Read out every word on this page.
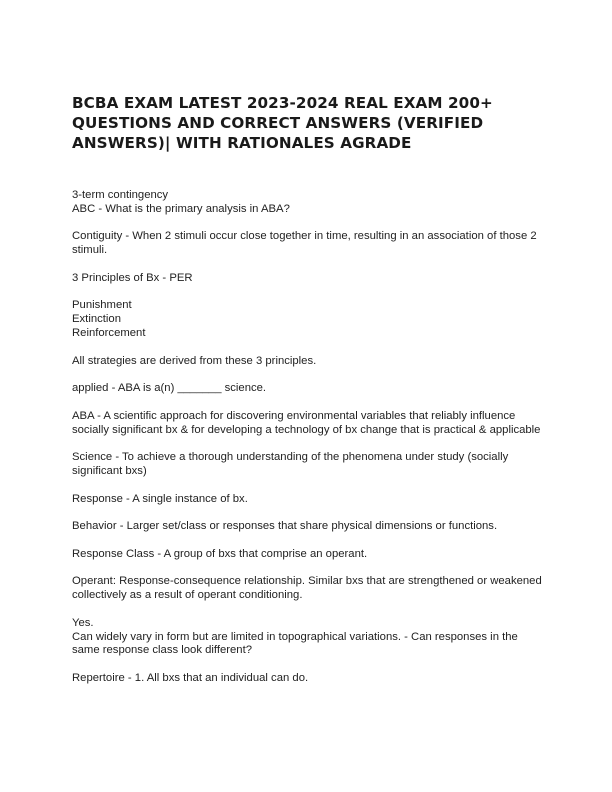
BCBA EXAM LATEST 2023-2024 REAL EXAM 200+ QUESTIONS AND CORRECT ANSWERS (VERIFIED ANSWERS)| WITH RATIONALES AGRADE

3-term contingency

ABC - What is the primary analysis in ABA?

Contiguity - When 2 stimuli occur close together in time, resulting in an association of those 2 stimuli.

3 Principles of Bx - PER

Punishment

Extinction

Reinforcement

All strategies are derived from these 3 principles.

applied - ABA is a(n) _______ science.

ABA - A scientific approach for discovering environmental variables that reliably influence socially significant bx & for developing a technology of bx change that is practical & applicable

Science - To achieve a thorough understanding of the phenomena under study (socially significant bxs)

Response - A single instance of bx.

Behavior - Larger set/class or responses that share physical dimensions or functions.

Response Class - A group of bxs that comprise an operant.

Operant: Response-consequence relationship. Similar bxs that are strengthened or weakened collectively as a result of operant conditioning.

Yes.

Can widely vary in form but are limited in topographical variations. - Can responses in the same response class look different?

Repertoire - 1. All bxs that an individual can do.
